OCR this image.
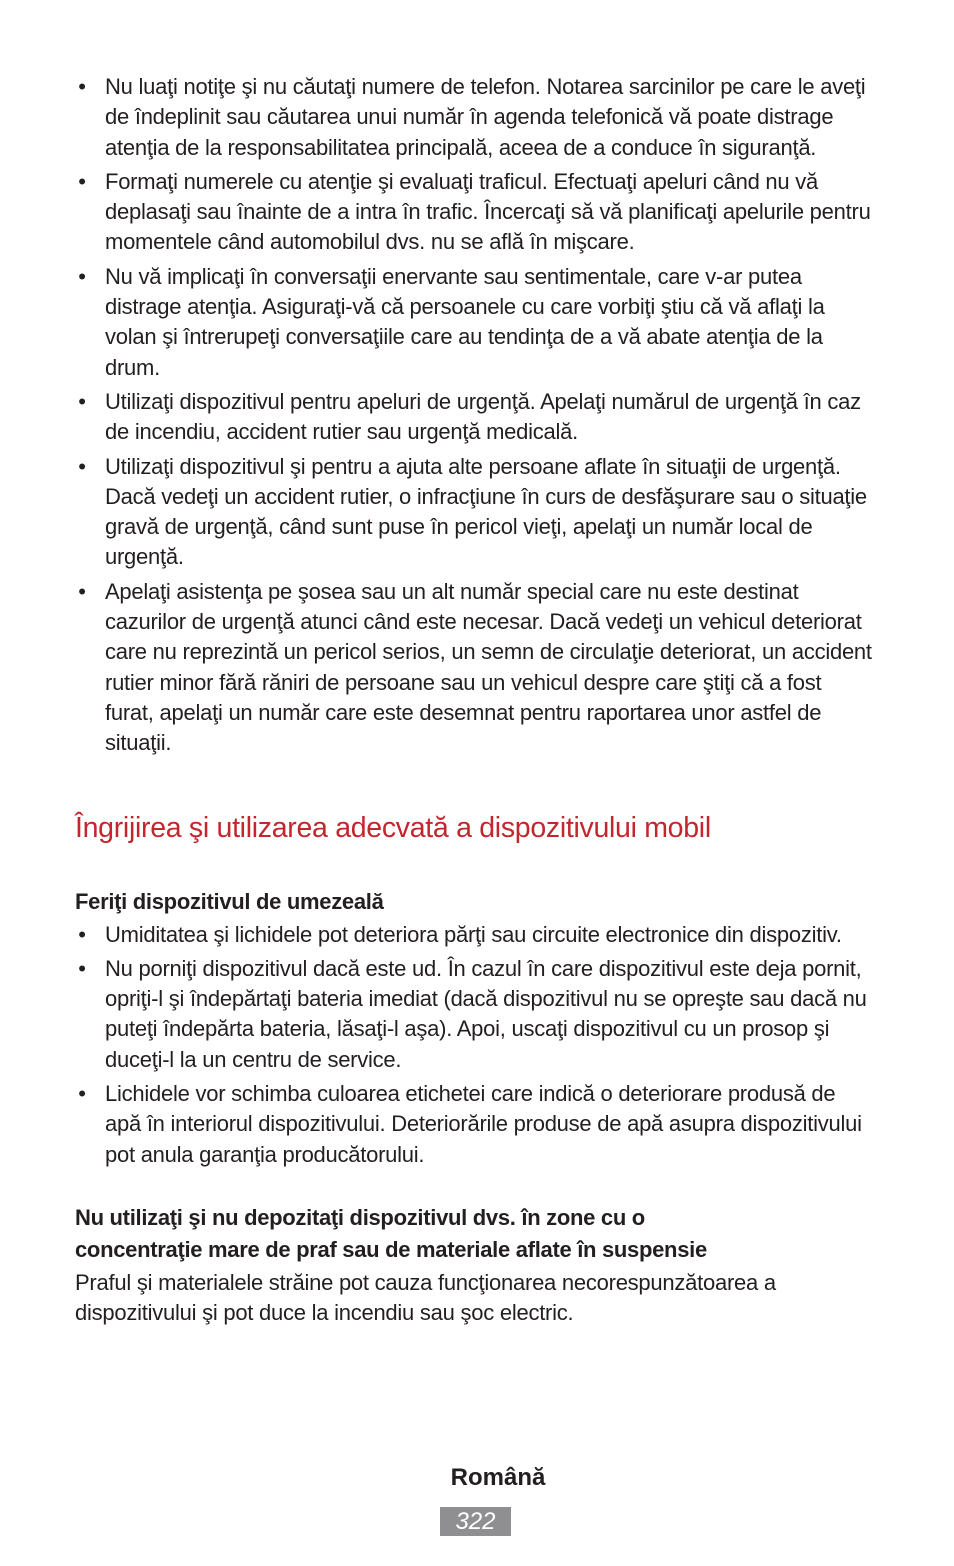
• Nu luaţi notiţe şi nu căutaţi numere de telefon. Notarea sarcinilor pe care le aveţi de îndeplinit sau căutarea unui număr în agenda telefonică vă poate distrage atenţia de la responsabilitatea principală, aceea de a conduce în siguranţă.
• Formaţi numerele cu atenţie şi evaluaţi traficul. Efectuaţi apeluri când nu vă deplasaţi sau înainte de a intra în trafic. Încercaţi să vă planificaţi apelurile pentru momentele când automobilul dvs. nu se află în mişcare.
• Nu vă implicaţi în conversaţii enervante sau sentimentale, care v-ar putea distrage atenţia. Asiguraţi-vă că persoanele cu care vorbiţi ştiu că vă aflaţi la volan şi întrerupeţi conversaţiile care au tendinţa de a vă abate atenţia de la drum.
• Utilizaţi dispozitivul pentru apeluri de urgenţă. Apelaţi numărul de urgenţă în caz de incendiu, accident rutier sau urgenţă medicală.
• Utilizaţi dispozitivul şi pentru a ajuta alte persoane aflate în situaţii de urgenţă. Dacă vedeţi un accident rutier, o infracţiune în curs de desfăşurare sau o situaţie gravă de urgenţă, când sunt puse în pericol vieţi, apelaţi un număr local de urgenţă.
• Apelaţi asistenţa pe şosea sau un alt număr special care nu este destinat cazurilor de urgenţă atunci când este necesar. Dacă vedeţi un vehicul deteriorat care nu reprezintă un pericol serios, un semn de circulaţie deteriorat, un accident rutier minor fără răniri de persoane sau un vehicul despre care ştiţi că a fost furat, apelaţi un număr care este desemnat pentru raportarea unor astfel de situaţii.
Îngrijirea şi utilizarea adecvată a dispozitivului mobil
Feriţi dispozitivul de umezeală
• Umiditatea şi lichidele pot deteriora părţi sau circuite electronice din dispozitiv.
• Nu porniţi dispozitivul dacă este ud. În cazul în care dispozitivul este deja pornit, opriţi-l şi îndepărtaţi bateria imediat (dacă dispozitivul nu se opreşte sau dacă nu puteţi îndepărta bateria, lăsaţi-l aşa). Apoi, uscaţi dispozitivul cu un prosop şi duceţi-l la un centru de service.
• Lichidele vor schimba culoarea etichetei care indică o deteriorare produsă de apă în interiorul dispozitivului. Deteriorările produse de apă asupra dispozitivului pot anula garanţia producătorului.
Nu utilizaţi şi nu depozitaţi dispozitivul dvs. în zone cu o
concentraţie mare de praf sau de materiale aflate în suspensie

Praful şi materialele străine pot cauza funcţionarea necorespunzătoarea a dispozitivului şi pot duce la incendiu sau şoc electric.

Română
322
